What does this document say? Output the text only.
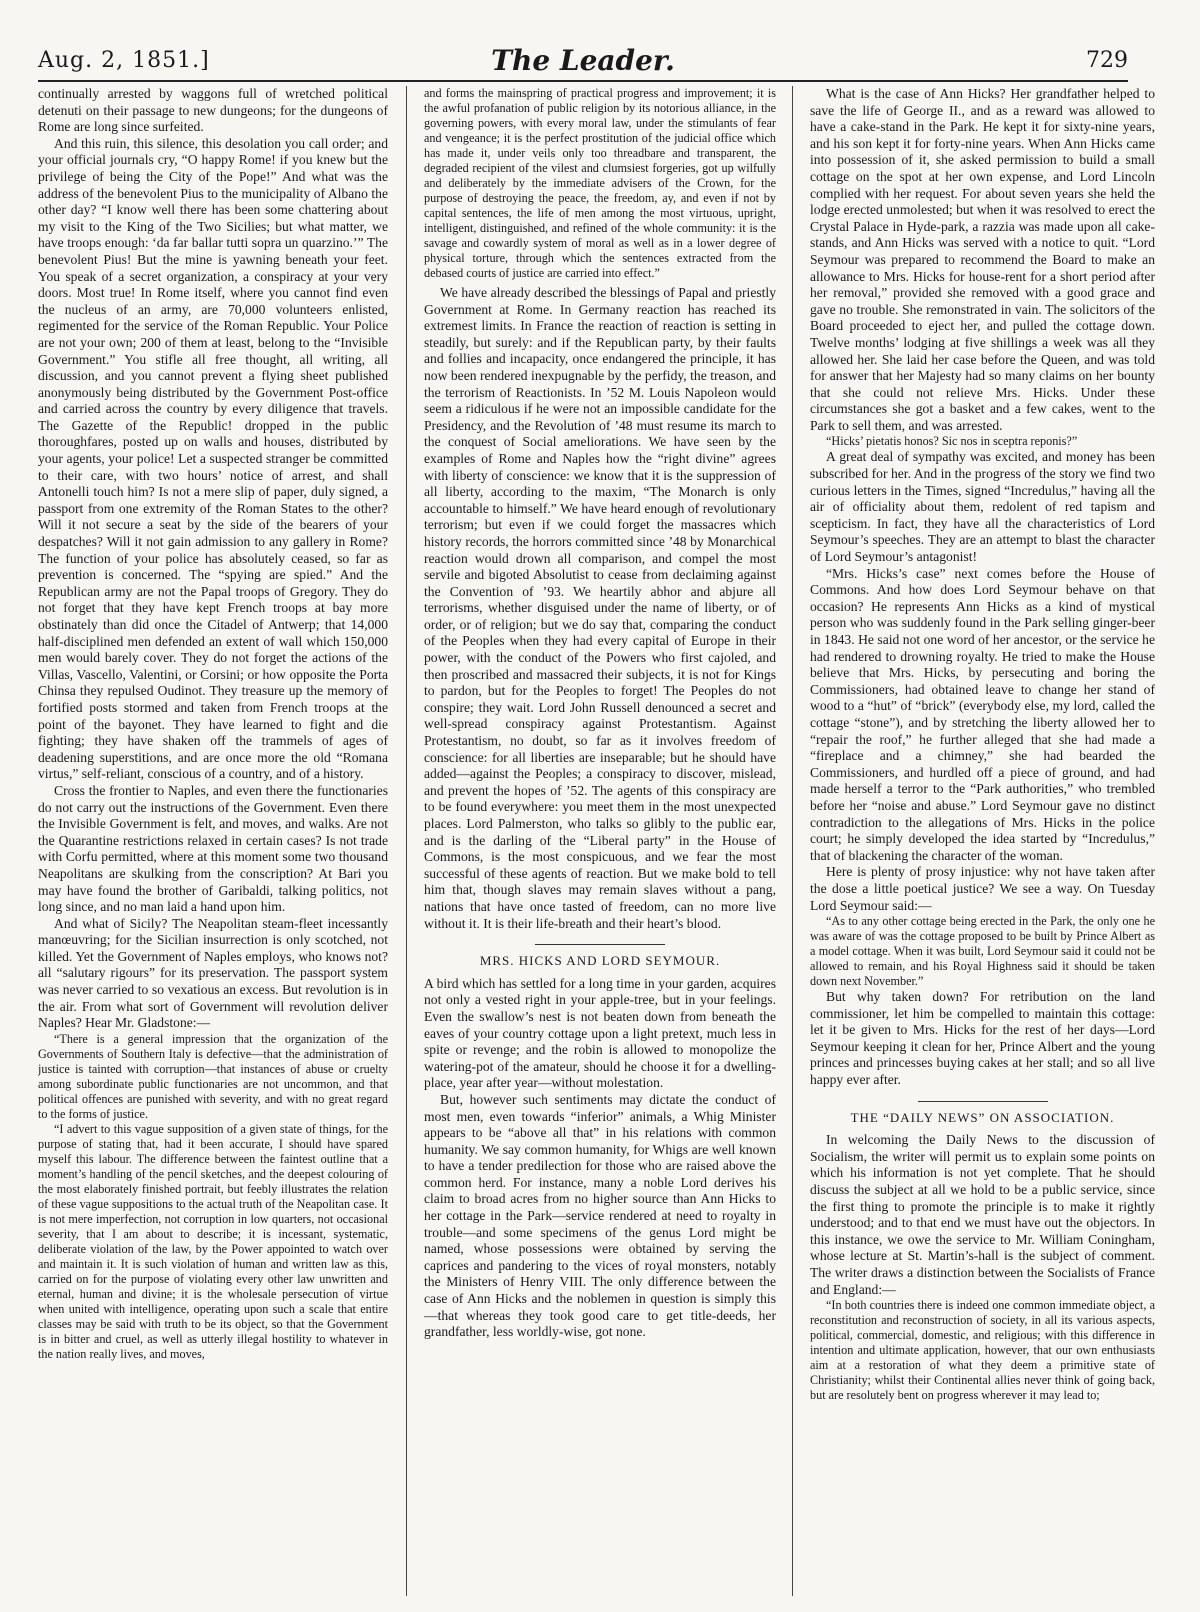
Aug. 2, 1851.]	The Leader.	729

continually arrested by waggons full of wretched political detenuti on their passage to new dungeons; for the dungeons of Rome are long since surfeited.

And this ruin, this silence, this desolation you call order; and your official journals cry, “O happy Rome! if you knew but the privilege of being the City of the Pope!” And what was the address of the benevolent Pius to the municipality of Albano the other day? “I know well there has been some chattering about my visit to the King of the Two Sicilies; but what matter, we have troops enough: ‘da far ballar tutti sopra un quarzino.’” The benevolent Pius! But the mine is yawning beneath your feet. You speak of a secret organization, a conspiracy at your very doors. Most true! In Rome itself, where you cannot find even the nucleus of an army, are 70,000 volunteers enlisted, regimented for the service of the Roman Republic. Your Police are not your own; 200 of them at least, belong to the “Invisible Government.” You stifle all free thought, all writing, all discussion, and you cannot prevent a flying sheet published anonymously being distributed by the Government Post-office and carried across the country by every diligence that travels. The Gazette of the Republic! dropped in the public thoroughfares, posted up on walls and houses, distributed by your agents, your police! Let a suspected stranger be committed to their care, with two hours’ notice of arrest, and shall Antonelli touch him? Is not a mere slip of paper, duly signed, a passport from one extremity of the Roman States to the other? Will it not secure a seat by the side of the bearers of your despatches? Will it not gain admission to any gallery in Rome? The function of your police has absolutely ceased, so far as prevention is concerned. The “spying are spied.” And the Republican army are not the Papal troops of Gregory. They do not forget that they have kept French troops at bay more obstinately than did once the Citadel of Antwerp; that 14,000 half-disciplined men defended an extent of wall which 150,000 men would barely cover. They do not forget the actions of the Villas, Vascello, Valentini, or Corsini; or how opposite the Porta Chinsa they repulsed Oudinot. They treasure up the memory of fortified posts stormed and taken from French troops at the point of the bayonet. They have learned to fight and die fighting; they have shaken off the trammels of ages of deadening superstitions, and are once more the old “Romana virtus,” self-reliant, conscious of a country, and of a history.

Cross the frontier to Naples, and even there the functionaries do not carry out the instructions of the Government. Even there the Invisible Government is felt, and moves, and walks. Are not the Quarantine restrictions relaxed in certain cases? Is not trade with Corfu permitted, where at this moment some two thousand Neapolitans are skulking from the conscription? At Bari you may have found the brother of Garibaldi, talking politics, not long since, and no man laid a hand upon him.

And what of Sicily? The Neapolitan steam-fleet incessantly manœuvring; for the Sicilian insurrection is only scotched, not killed. Yet the Government of Naples employs, who knows not? all “salutary rigours” for its preservation. The passport system was never carried to so vexatious an excess. But revolution is in the air. From what sort of Government will revolution deliver Naples? Hear Mr. Gladstone:—

“There is a general impression that the organization of the Governments of Southern Italy is defective—that the administration of justice is tainted with corruption—that instances of abuse or cruelty among subordinate public functionaries are not uncommon, and that political offences are punished with severity, and with no great regard to the forms of justice.

“I advert to this vague supposition of a given state of things, for the purpose of stating that, had it been accurate, I should have spared myself this labour. The difference between the faintest outline that a moment’s handling of the pencil sketches, and the deepest colouring of the most elaborately finished portrait, but feebly illustrates the relation of these vague suppositions to the actual truth of the Neapolitan case. It is not mere imperfection, not corruption in low quarters, not occasional severity, that I am about to describe; it is incessant, systematic, deliberate violation of the law, by the Power appointed to watch over and maintain it. It is such violation of human and written law as this, carried on for the purpose of violating every other law unwritten and eternal, human and divine; it is the wholesale persecution of virtue when united with intelligence, operating upon such a scale that entire classes may be said with truth to be its object, so that the Government is in bitter and cruel, as well as utterly illegal hostility to whatever in the nation really lives, and moves,

and forms the mainspring of practical progress and improvement; it is the awful profanation of public religion by its notorious alliance, in the governing powers, with every moral law, under the stimulants of fear and vengeance; it is the perfect prostitution of the judicial office which has made it, under veils only too threadbare and transparent, the degraded recipient of the vilest and clumsiest forgeries, got up wilfully and deliberately by the immediate advisers of the Crown, for the purpose of destroying the peace, the freedom, ay, and even if not by capital sentences, the life of men among the most virtuous, upright, intelligent, distinguished, and refined of the whole community: it is the savage and cowardly system of moral as well as in a lower degree of physical torture, through which the sentences extracted from the debased courts of justice are carried into effect.”

We have already described the blessings of Papal and priestly Government at Rome. In Germany reaction has reached its extremest limits. In France the reaction of reaction is setting in steadily, but surely: and if the Republican party, by their faults and follies and incapacity, once endangered the principle, it has now been rendered inexpugnable by the perfidy, the treason, and the terrorism of Reactionists. In ’52 M. Louis Napoleon would seem a ridiculous if he were not an impossible candidate for the Presidency, and the Revolution of ’48 must resume its march to the conquest of Social ameliorations. We have seen by the examples of Rome and Naples how the “right divine” agrees with liberty of conscience: we know that it is the suppression of all liberty, according to the maxim, “The Monarch is only accountable to himself.” We have heard enough of revolutionary terrorism; but even if we could forget the massacres which history records, the horrors committed since ’48 by Monarchical reaction would drown all comparison, and compel the most servile and bigoted Absolutist to cease from declaiming against the Convention of ’93. We heartily abhor and abjure all terrorisms, whether disguised under the name of liberty, or of order, or of religion; but we do say that, comparing the conduct of the Peoples when they had every capital of Europe in their power, with the conduct of the Powers who first cajoled, and then proscribed and massacred their subjects, it is not for Kings to pardon, but for the Peoples to forget! The Peoples do not conspire; they wait. Lord John Russell denounced a secret and well-spread conspiracy against Protestantism. Against Protestantism, no doubt, so far as it involves freedom of conscience: for all liberties are inseparable; but he should have added—against the Peoples; a conspiracy to discover, mislead, and prevent the hopes of ’52. The agents of this conspiracy are to be found everywhere: you meet them in the most unexpected places. Lord Palmerston, who talks so glibly to the public ear, and is the darling of the “Liberal party” in the House of Commons, is the most conspicuous, and we fear the most successful of these agents of reaction. But we make bold to tell him that, though slaves may remain slaves without a pang, nations that have once tasted of freedom, can no more live without it. It is their life-breath and their heart’s blood.

MRS. HICKS AND LORD SEYMOUR.

A bird which has settled for a long time in your garden, acquires not only a vested right in your apple-tree, but in your feelings. Even the swallow’s nest is not beaten down from beneath the eaves of your country cottage upon a light pretext, much less in spite or revenge; and the robin is allowed to monopolize the watering-pot of the amateur, should he choose it for a dwelling-place, year after year—without molestation.

But, however such sentiments may dictate the conduct of most men, even towards “inferior” animals, a Whig Minister appears to be “above all that” in his relations with common humanity. We say common humanity, for Whigs are well known to have a tender predilection for those who are raised above the common herd. For instance, many a noble Lord derives his claim to broad acres from no higher source than Ann Hicks to her cottage in the Park—service rendered at need to royalty in trouble—and some specimens of the genus Lord might be named, whose possessions were obtained by serving the caprices and pandering to the vices of royal monsters, notably the Ministers of Henry VIII. The only difference between the case of Ann Hicks and the noblemen in question is simply this—that whereas they took good care to get title-deeds, her grandfather, less worldly-wise, got none.

What is the case of Ann Hicks? Her grandfather helped to save the life of George II., and as a reward was allowed to have a cake-stand in the Park. He kept it for sixty-nine years, and his son kept it for forty-nine years. When Ann Hicks came into possession of it, she asked permission to build a small cottage on the spot at her own expense, and Lord Lincoln complied with her request. For about seven years she held the lodge erected unmolested; but when it was resolved to erect the Crystal Palace in Hyde-park, a razzia was made upon all cake-stands, and Ann Hicks was served with a notice to quit. “Lord Seymour was prepared to recommend the Board to make an allowance to Mrs. Hicks for house-rent for a short period after her removal,” provided she removed with a good grace and gave no trouble. She remonstrated in vain. The solicitors of the Board proceeded to eject her, and pulled the cottage down. Twelve months’ lodging at five shillings a week was all they allowed her. She laid her case before the Queen, and was told for answer that her Majesty had so many claims on her bounty that she could not relieve Mrs. Hicks. Under these circumstances she got a basket and a few cakes, went to the Park to sell them, and was arrested.

“Hicks’ pietatis honos? Sic nos in sceptra reponis?”

A great deal of sympathy was excited, and money has been subscribed for her. And in the progress of the story we find two curious letters in the Times, signed “Incredulus,” having all the air of officiality about them, redolent of red tapism and scepticism. In fact, they have all the characteristics of Lord Seymour’s speeches. They are an attempt to blast the character of Lord Seymour’s antagonist!

“Mrs. Hicks’s case” next comes before the House of Commons. And how does Lord Seymour behave on that occasion? He represents Ann Hicks as a kind of mystical person who was suddenly found in the Park selling ginger-beer in 1843. He said not one word of her ancestor, or the service he had rendered to drowning royalty. He tried to make the House believe that Mrs. Hicks, by persecuting and boring the Commissioners, had obtained leave to change her stand of wood to a “hut” of “brick” (everybody else, my lord, called the cottage “stone”), and by stretching the liberty allowed her to “repair the roof,” he further alleged that she had made a “fireplace and a chimney,” she had bearded the Commissioners, and hurdled off a piece of ground, and had made herself a terror to the “Park authorities,” who trembled before her “noise and abuse.” Lord Seymour gave no distinct contradiction to the allegations of Mrs. Hicks in the police court; he simply developed the idea started by “Incredulus,” that of blackening the character of the woman.

Here is plenty of prosy injustice: why not have taken after the dose a little poetical justice? We see a way. On Tuesday Lord Seymour said:—

“As to any other cottage being erected in the Park, the only one he was aware of was the cottage proposed to be built by Prince Albert as a model cottage. When it was built, Lord Seymour said it could not be allowed to remain, and his Royal Highness said it should be taken down next November.”

But why taken down? For retribution on the land commissioner, let him be compelled to maintain this cottage: let it be given to Mrs. Hicks for the rest of her days—Lord Seymour keeping it clean for her, Prince Albert and the young princes and princesses buying cakes at her stall; and so all live happy ever after.

THE “DAILY NEWS” ON ASSOCIATION.

In welcoming the Daily News to the discussion of Socialism, the writer will permit us to explain some points on which his information is not yet complete. That he should discuss the subject at all we hold to be a public service, since the first thing to promote the principle is to make it rightly understood; and to that end we must have out the objectors. In this instance, we owe the service to Mr. William Coningham, whose lecture at St. Martin’s-hall is the subject of comment. The writer draws a distinction between the Socialists of France and England:—

“In both countries there is indeed one common immediate object, a reconstitution and reconstruction of society, in all its various aspects, political, commercial, domestic, and religious; with this difference in intention and ultimate application, however, that our own enthusiasts aim at a restoration of what they deem a primitive state of Christianity; whilst their Continental allies never think of going back, but are resolutely bent on progress wherever it may lead to;
